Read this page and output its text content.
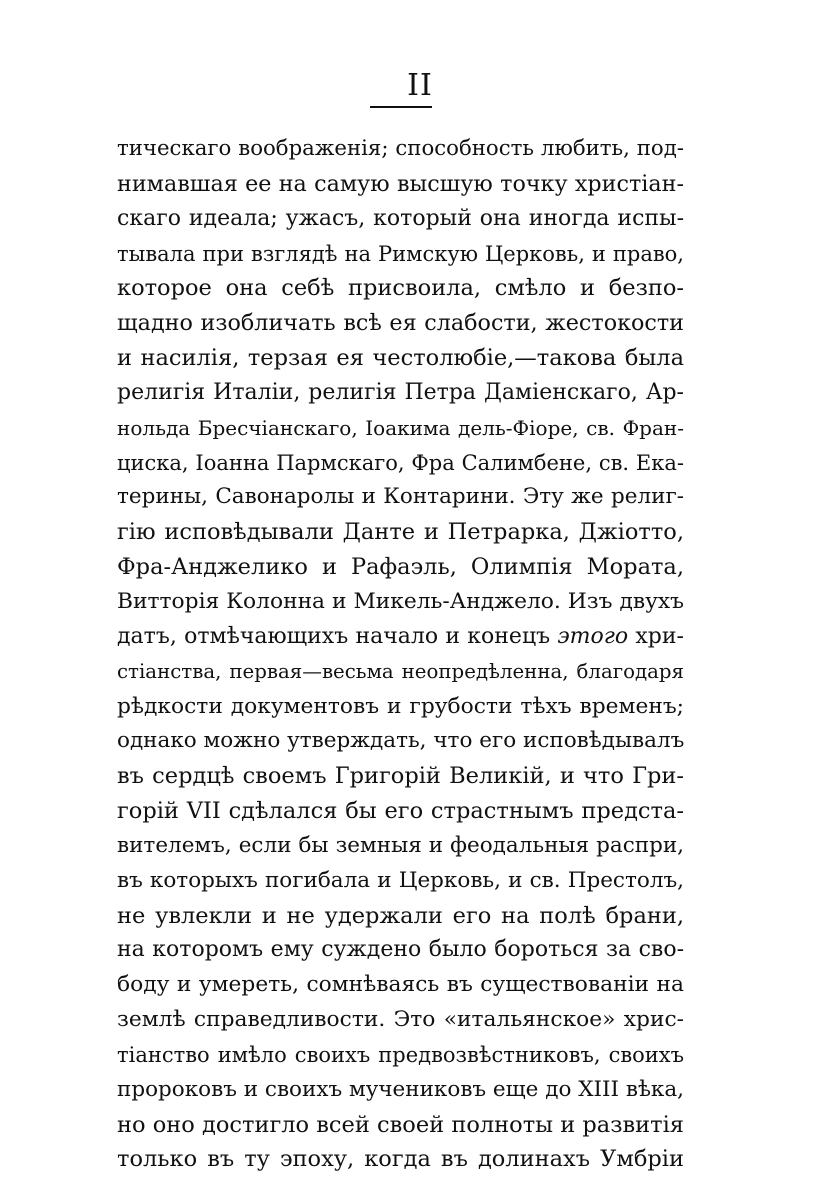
II
тическаго воображенія; способность любить, под-
нимавшая ее на самую высшую точку христіан-
скаго идеала; ужасъ, который она иногда испы-
тывала при взглядѣ на Римскую Церковь, и право,
которое она себѣ присвоила, смѣло и безпо-
щадно изобличать всѣ ея слабости, жестокости
и насилія, терзая ея честолюбіе,—такова была
религія Италіи, религія Петра Даміенскаго, Ар-
нольда Бресчіанскаго, Іоакима дель-Фіоре, св. Фран-
циска, Іоанна Пармскаго, Фра Салимбене, св. Ека-
терины, Савонаролы и Контарини. Эту же религ-
гію исповѣдывали Данте и Петрарка, Джіотто,
Фра-Анджелико и Рафаэль, Олимпія Мората,
Витторія Колонна и Микель-Анджело. Изъ двухъ
датъ, отмѣчающихъ начало и конецъ этого хри-
стіанства, первая—весьма неопредѣленна, благодаря
рѣдкости документовъ и грубости тѣхъ временъ;
однако можно утверждать, что его исповѣдывалъ
въ сердцѣ своемъ Григорій Великій, и что Гри-
горій VII сдѣлался бы его страстнымъ предста-
вителемъ, если бы земныя и феодальныя распри,
въ которыхъ погибала и Церковь, и св. Престолъ,
не увлекли и не удержали его на полѣ брани,
на которомъ ему суждено было бороться за сво-
боду и умереть, сомнѣваясь въ существованіи на
землѣ справедливости. Это «итальянское» хрис-
тіанство имѣло своихъ предвозвѣстниковъ, своихъ
пророковъ и своихъ мучениковъ еще до XIII вѣка,
но оно достигло всей своей полноты и развитія
только въ ту эпоху, когда въ долинахъ Умбріи
